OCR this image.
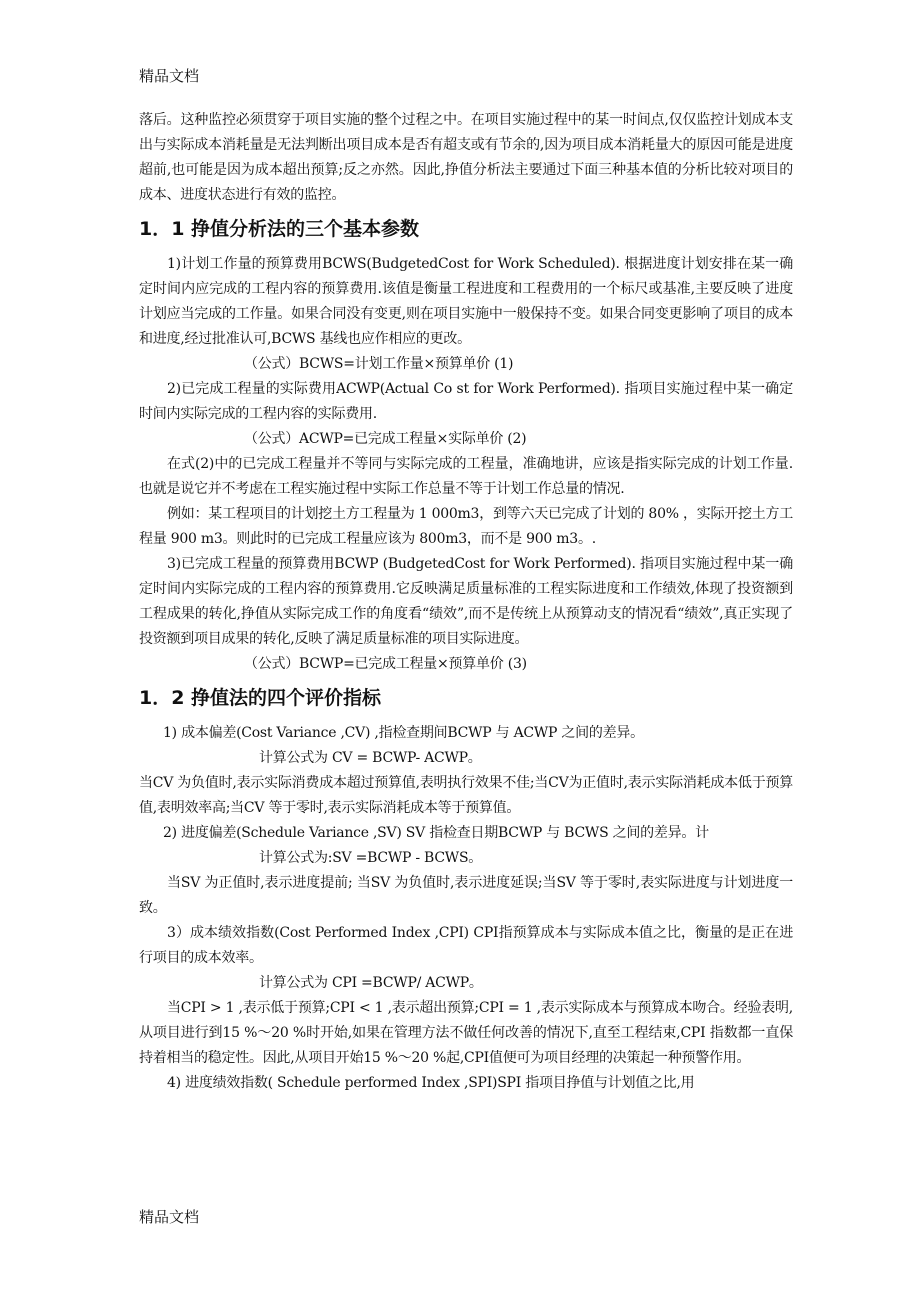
精品文档

落后。这种监控必须贯穿于项目实施的整个过程之中。在项目实施过程中的某一时间点,仅仅监控计划成本支出与实际成本消耗量是无法判断出项目成本是否有超支或有节余的,因为项目成本消耗量大的原因可能是进度超前,也可能是因为成本超出预算;反之亦然。因此,挣值分析法主要通过下面三种基本值的分析比较对项目的成本、进度状态进行有效的监控。

1．1 挣值分析法的三个基本参数

1)计划工作量的预算费用BCWS(BudgetedCost for Work Scheduled). 根据进度计划安排在某一确定时间内应完成的工程内容的预算费用.该值是衡量工程进度和工程费用的一个标尺或基准,主要反映了进度计划应当完成的工作量。如果合同没有变更,则在项目实施中一般保持不变。如果合同变更影响了项目的成本和进度,经过批准认可,BCWS 基线也应作相应的更改。

（公式）BCWS=计划工作量×预算单价 (1)

2)已完成工程量的实际费用ACWP(Actual Co st for Work Performed). 指项目实施过程中某一确定时间内实际完成的工程内容的实际费用.

（公式）ACWP=已完成工程量×实际单价 (2)

在式(2)中的已完成工程量并不等同与实际完成的工程量，准确地讲，应该是指实际完成的计划工作量.也就是说它并不考虑在工程实施过程中实际工作总量不等于计划工作总量的情况.

例如：某工程项目的计划挖土方工程量为 1 000m3，到等六天已完成了计划的 80% ，实际开挖土方工程量 900 m3。则此时的已完成工程量应该为 800m3，而不是 900 m3。.

3)已完成工程量的预算费用BCWP (BudgetedCost for Work Performed). 指项目实施过程中某一确定时间内实际完成的工程内容的预算费用.它反映满足质量标准的工程实际进度和工作绩效,体现了投资额到工程成果的转化,挣值从实际完成工作的角度看“绩效”,而不是传统上从预算动支的情况看“绩效”,真正实现了投资额到项目成果的转化,反映了满足质量标准的项目实际进度。

（公式）BCWP=已完成工程量×预算单价 (3)

1．2 挣值法的四个评价指标

1) 成本偏差(Cost Variance ,CV) ,指检查期间BCWP 与 ACWP 之间的差异。

计算公式为 CV = BCWP- ACWP。

当CV 为负值时,表示实际消费成本超过预算值,表明执行效果不佳;当CV为正值时,表示实际消耗成本低于预算值,表明效率高;当CV 等于零时,表示实际消耗成本等于预算值。

2) 进度偏差(Schedule Variance ,SV) SV 指检查日期BCWP 与 BCWS 之间的差异。计

计算公式为:SV =BCWP - BCWS。

当SV 为正值时,表示进度提前; 当SV 为负值时,表示进度延误;当SV 等于零时,表实际进度与计划进度一致。

3）成本绩效指数(Cost Performed Index ,CPI) CPI指预算成本与实际成本值之比，衡量的是正在进行项目的成本效率。

计算公式为 CPI =BCWP/ ACWP。

当CPI > 1 ,表示低于预算;CPI < 1 ,表示超出预算;CPI = 1 ,表示实际成本与预算成本吻合。经验表明,从项目进行到15 %～20 %时开始,如果在管理方法不做任何改善的情况下,直至工程结束,CPI 指数都一直保持着相当的稳定性。因此,从项目开始15 %～20 %起,CPI值便可为项目经理的决策起一种预警作用。

4) 进度绩效指数( Schedule performed Index ,SPI)SPI 指项目挣值与计划值之比,用

精品文档
